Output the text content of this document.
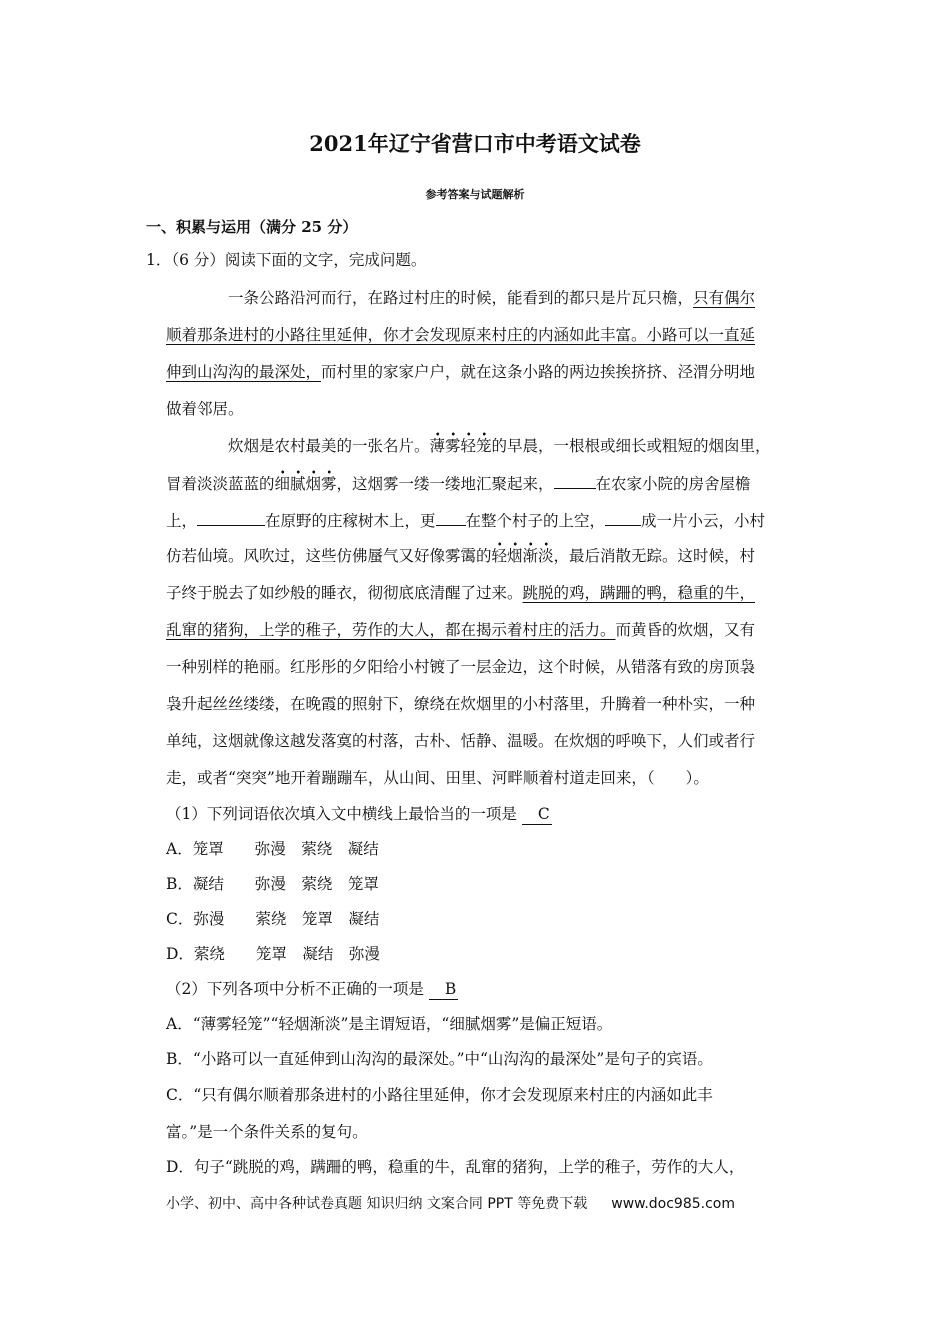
2021年辽宁省营口市中考语文试卷
参考答案与试题解析
一、积累与运用（满分 25 分）
1．（6 分）阅读下面的文字，完成问题。
一条公路沿河而行，在路过村庄的时候，能看到的都只是片瓦只檐，只有偶尔
顺着那条进村的小路往里延伸，你才会发现原来村庄的内涵如此丰富。小路可以一直延
伸到山沟沟的最深处，而村里的家家户户，就在这条小路的两边挨挨挤挤、泾渭分明地
做着邻居。
炊烟是农村最美的一张名片。薄雾轻笼的早晨，一根根或细长或粗短的烟囱里，
冒着淡淡蓝蓝的细腻烟雾，这烟雾一缕一缕地汇聚起来，	在农家小院的房舍屋檐
上，	在原野的庄稼树木上，更 在整个村子的上空， 成一片小云，小村
仿若仙境。风吹过，这些仿佛蜃气又好像雾霭的轻烟渐淡，最后消散无踪。这时候，村
子终于脱去了如纱般的睡衣，彻彻底底清醒了过来。跳脱的鸡，蹒跚的鸭，稳重的牛，
乱窜的猪狗，上学的稚子，劳作的大人，都在揭示着村庄的活力。而黄昏的炊烟，又有
一种别样的艳丽。红彤彤的夕阳给小村镀了一层金边，这个时候，从错落有致的房顶袅
袅升起丝丝缕缕，在晚霞的照射下，缭绕在炊烟里的小村落里，升腾着一种朴实，一种
单纯，这烟就像这越发落寞的村落，古朴、恬静、温暖。在炊烟的呼唤下，人们或者行
走，或者“突突”地开着蹦蹦车，从山间、田里、河畔顺着村道走回来，（　　）。
（1）下列词语依次填入文中横线上最恰当的一项是 C
A．笼罩　　弥漫　萦绕　凝结
B．凝结　　弥漫　萦绕　笼罩
C．弥漫　　萦绕　笼罩　凝结
D．萦绕　　笼罩　凝结　弥漫
（2）下列各项中分析不正确的一项是 B
A．“薄雾轻笼”“轻烟渐淡”是主谓短语，“细腻烟雾”是偏正短语。
B．“小路可以一直延伸到山沟沟的最深处。”中“山沟沟的最深处”是句子的宾语。
C．“只有偶尔顺着那条进村的小路往里延伸，你才会发现原来村庄的内涵如此丰
富。”是一个条件关系的复句。
D．句子“跳脱的鸡，蹒跚的鸭，稳重的牛，乱窜的猪狗，上学的稚子，劳作的大人，
小学、初中、高中各种试卷真题 知识归纳 文案合同 PPT 等免费下载 www.doc985.com
